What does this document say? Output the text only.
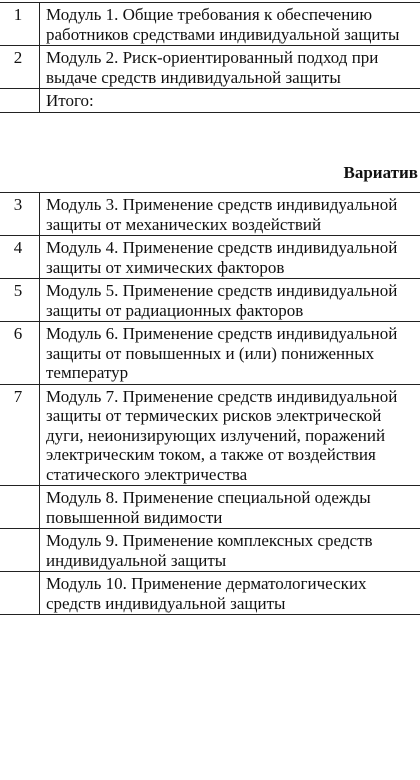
1	Модуль 1. Общие требования к обеспечению работников средствами индивидуальной защиты
2	Модуль 2. Риск-ориентированный подход при выдаче средств индивидуальной защиты
	Итого:
Вариатив
3	Модуль 3. Применение средств индивидуальной защиты от механических воздействий
4	Модуль 4. Применение средств индивидуальной защиты от химических факторов
5	Модуль 5. Применение средств индивидуальной защиты от радиационных факторов
6	Модуль 6. Применение средств индивидуальной защиты от повышенных и (или) пониженных температур
7	Модуль 7. Применение средств индивидуальной защиты от термических рисков электрической дуги, неионизирующих излучений, поражений электрическим током, а также от воздействия статического электричества
	Модуль 8. Применение специальной одежды повышенной видимости
	Модуль 9. Применение комплексных средств индивидуальной защиты
	Модуль 10. Применение дерматологических средств индивидуальной защиты
